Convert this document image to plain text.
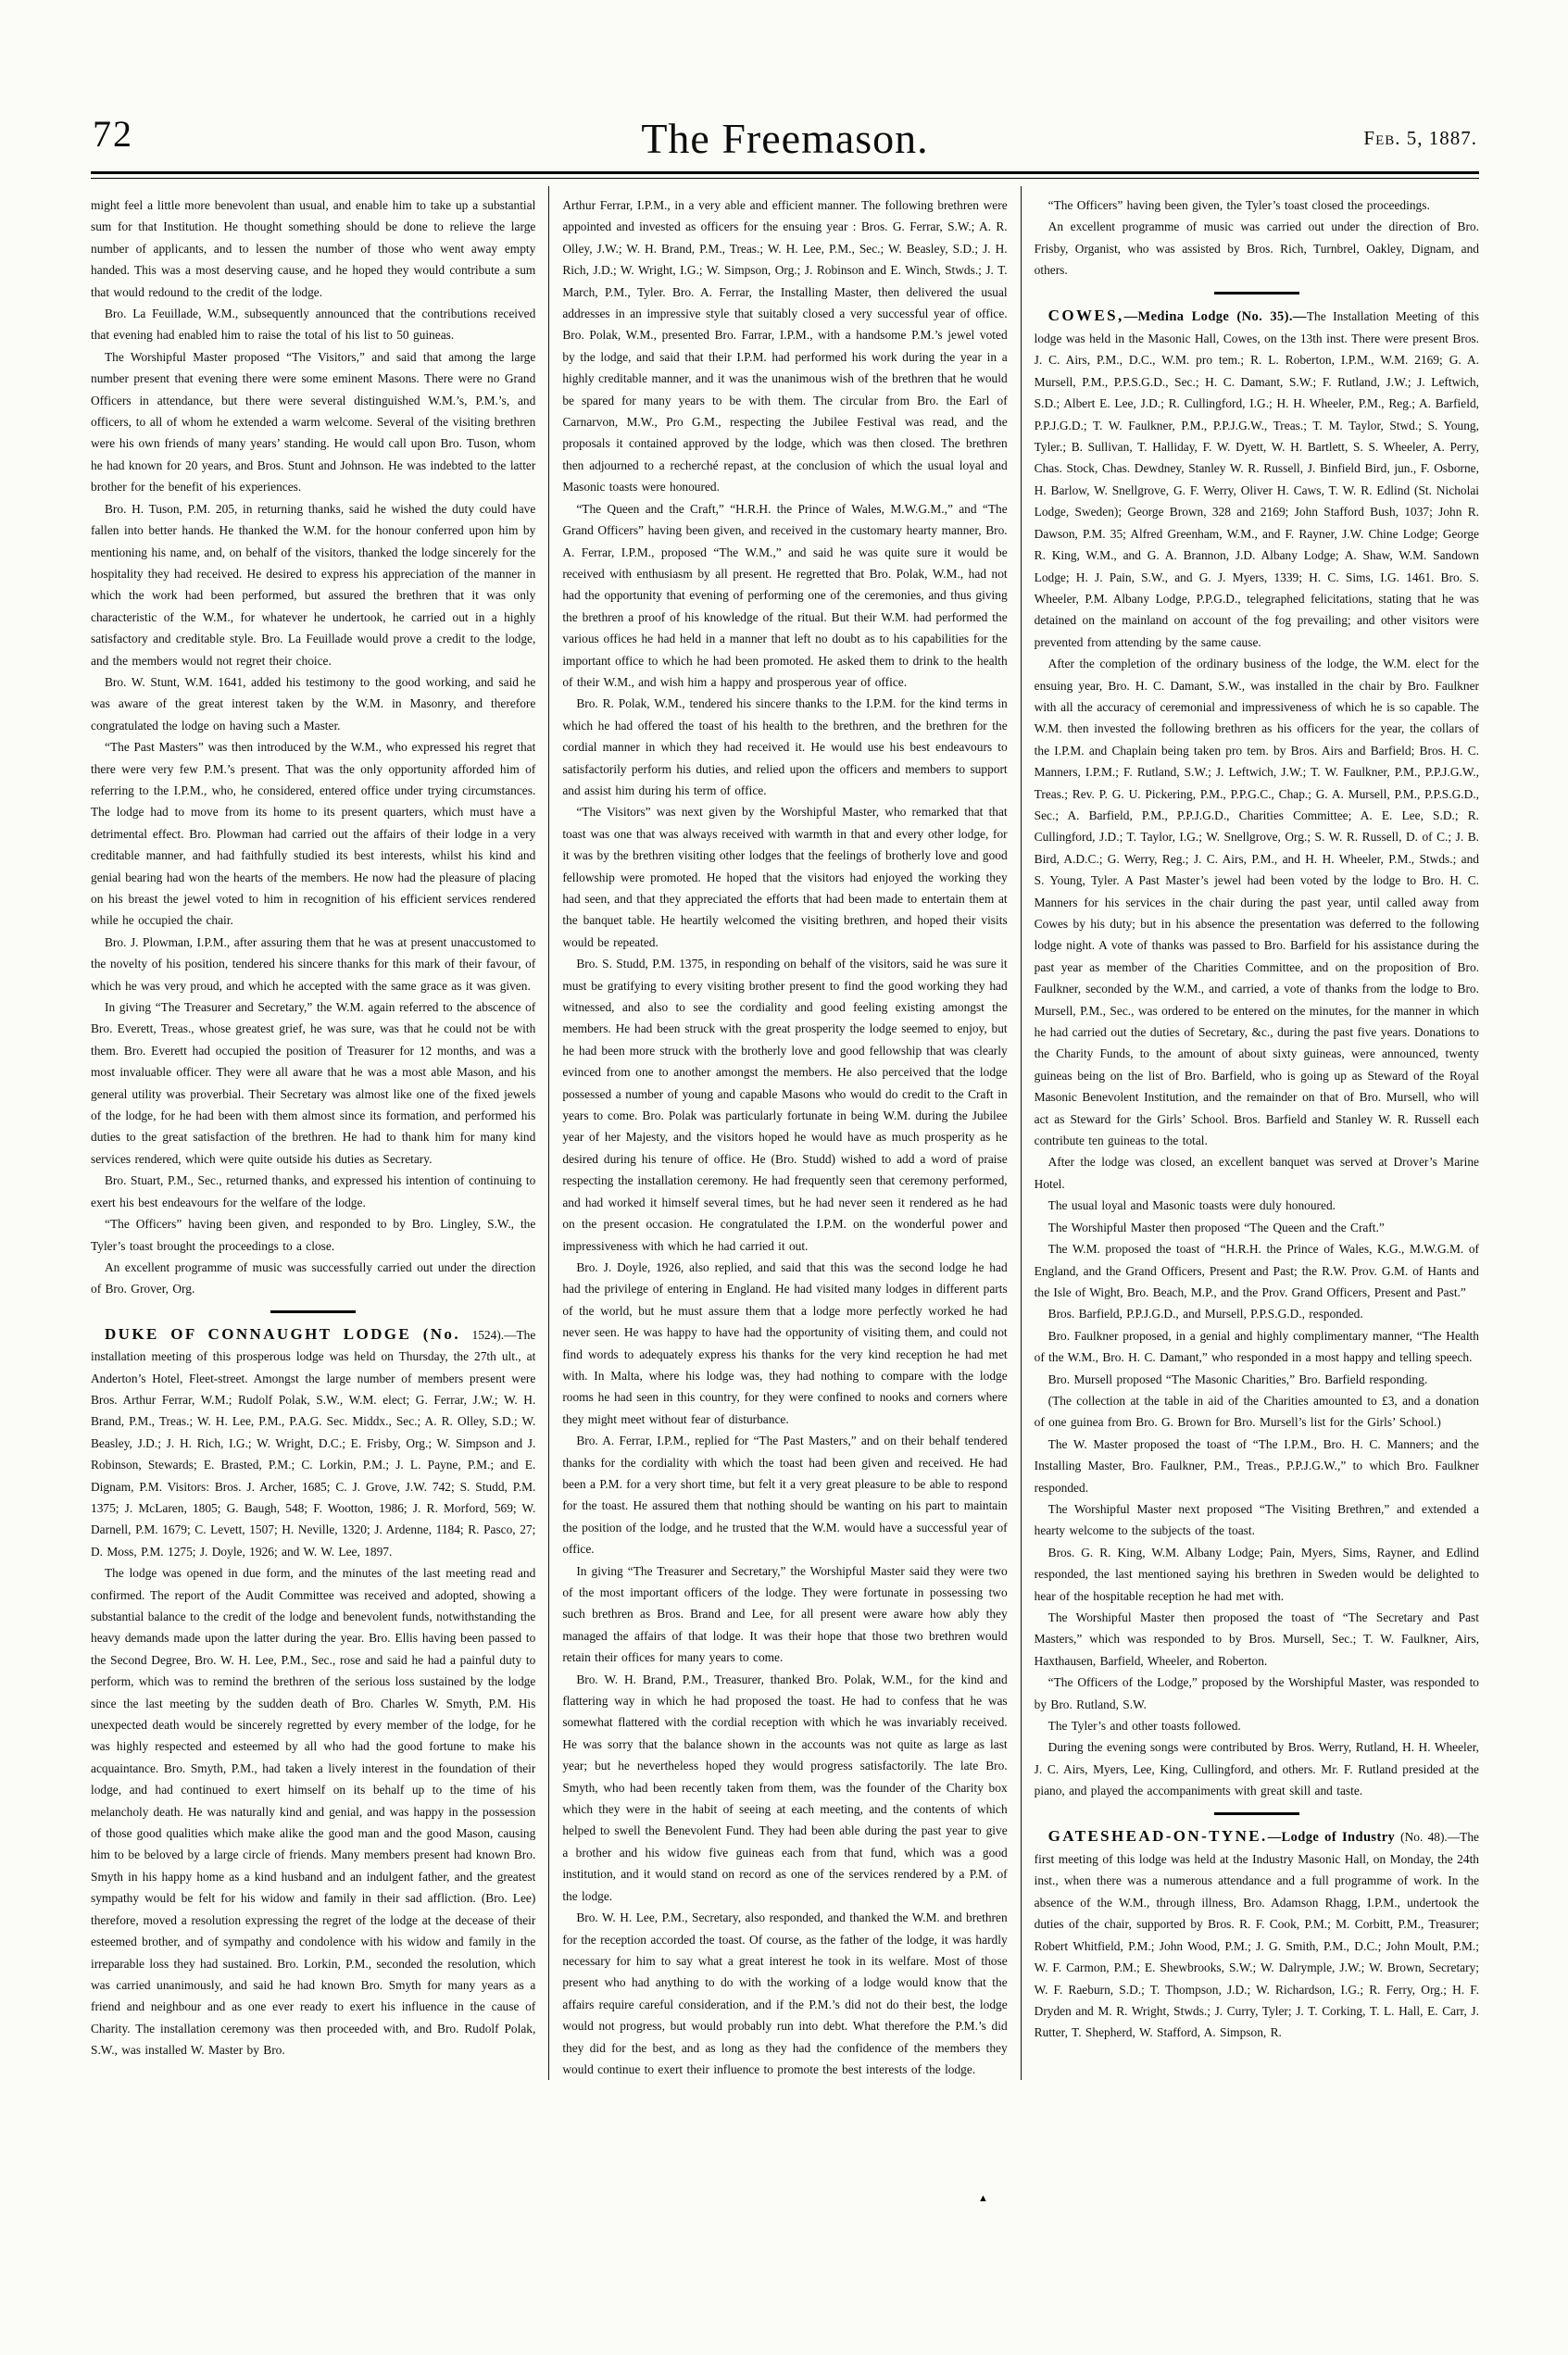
72	The Freemason.	Feb. 5, 1887.

might feel a little more benevolent than usual, and enable him to take up a substantial sum for that Institution. He thought something should be done to relieve the large number of applicants, and to lessen the number of those who went away empty handed. This was a most deserving cause, and he hoped they would contribute a sum that would redound to the credit of the lodge.

Bro. La Feuillade, W.M., subsequently announced that the contributions received that evening had enabled him to raise the total of his list to 50 guineas.

The Worshipful Master proposed “The Visitors,” and said that among the large number present that evening there were some eminent Masons. There were no Grand Officers in attendance, but there were several distinguished W.M.’s, P.M.’s, and officers, to all of whom he extended a warm welcome. Several of the visiting brethren were his own friends of many years’ standing. He would call upon Bro. Tuson, whom he had known for 20 years, and Bros. Stunt and Johnson. He was indebted to the latter brother for the benefit of his experiences.

Bro. H. Tuson, P.M. 205, in returning thanks, said he wished the duty could have fallen into better hands. He thanked the W.M. for the honour conferred upon him by mentioning his name, and, on behalf of the visitors, thanked the lodge sincerely for the hospitality they had received. He desired to express his appreciation of the manner in which the work had been performed, but assured the brethren that it was only characteristic of the W.M., for whatever he undertook, he carried out in a highly satisfactory and creditable style. Bro. La Feuillade would prove a credit to the lodge, and the members would not regret their choice.

Bro. W. Stunt, W.M. 1641, added his testimony to the good working, and said he was aware of the great interest taken by the W.M. in Masonry, and therefore congratulated the lodge on having such a Master.

“The Past Masters” was then introduced by the W.M., who expressed his regret that there were very few P.M.’s present. That was the only opportunity afforded him of referring to the I.P.M., who, he considered, entered office under trying circumstances. The lodge had to move from its home to its present quarters, which must have a detrimental effect. Bro. Plowman had carried out the affairs of their lodge in a very creditable manner, and had faithfully studied its best interests, whilst his kind and genial bearing had won the hearts of the members. He now had the pleasure of placing on his breast the jewel voted to him in recognition of his efficient services rendered while he occupied the chair.

Bro. J. Plowman, I.P.M., after assuring them that he was at present unaccustomed to the novelty of his position, tendered his sincere thanks for this mark of their favour, of which he was very proud, and which he accepted with the same grace as it was given.

In giving “The Treasurer and Secretary,” the W.M. again referred to the abscence of Bro. Everett, Treas., whose greatest grief, he was sure, was that he could not be with them. Bro. Everett had occupied the position of Treasurer for 12 months, and was a most invaluable officer. They were all aware that he was a most able Mason, and his general utility was proverbial. Their Secretary was almost like one of the fixed jewels of the lodge, for he had been with them almost since its formation, and performed his duties to the great satisfaction of the brethren. He had to thank him for many kind services rendered, which were quite outside his duties as Secretary.

Bro. Stuart, P.M., Sec., returned thanks, and expressed his intention of continuing to exert his best endeavours for the welfare of the lodge.

“The Officers” having been given, and responded to by Bro. Lingley, S.W., the Tyler’s toast brought the proceedings to a close.

An excellent programme of music was successfully carried out under the direction of Bro. Grover, Org.

DUKE OF CONNAUGHT LODGE (No. 1524).—The installation meeting of this prosperous lodge was held on Thursday, the 27th ult., at Anderton’s Hotel, Fleet-street. Amongst the large number of members present were Bros. Arthur Ferrar, W.M.; Rudolf Polak, S.W., W.M. elect; G. Ferrar, J.W.; W. H. Brand, P.M., Treas.; W. H. Lee, P.M., P.A.G. Sec. Middx., Sec.; A. R. Olley, S.D.; W. Beasley, J.D.; J. H. Rich, I.G.; W. Wright, D.C.; E. Frisby, Org.; W. Simpson and J. Robinson, Stewards; E. Brasted, P.M.; C. Lorkin, P.M.; J. L. Payne, P.M.; and E. Dignam, P.M. Visitors: Bros. J. Archer, 1685; C. J. Grove, J.W. 742; S. Studd, P.M. 1375; J. McLaren, 1805; G. Baugh, 548; F. Wootton, 1986; J. R. Morford, 569; W. Darnell, P.M. 1679; C. Levett, 1507; H. Neville, 1320; J. Ardenne, 1184; R. Pasco, 27; D. Moss, P.M. 1275; J. Doyle, 1926; and W. W. Lee, 1897.

The lodge was opened in due form, and the minutes of the last meeting read and confirmed. The report of the Audit Committee was received and adopted, showing a substantial balance to the credit of the lodge and benevolent funds, notwithstanding the heavy demands made upon the latter during the year. Bro. Ellis having been passed to the Second Degree, Bro. W. H. Lee, P.M., Sec., rose and said he had a painful duty to perform, which was to remind the brethren of the serious loss sustained by the lodge since the last meeting by the sudden death of Bro. Charles W. Smyth, P.M. His unexpected death would be sincerely regretted by every member of the lodge, for he was highly respected and esteemed by all who had the good fortune to make his acquaintance. Bro. Smyth, P.M., had taken a lively interest in the foundation of their lodge, and had continued to exert himself on its behalf up to the time of his melancholy death. He was naturally kind and genial, and was happy in the possession of those good qualities which make alike the good man and the good Mason, causing him to be beloved by a large circle of friends. Many members present had known Bro. Smyth in his happy home as a kind husband and an indulgent father, and the greatest sympathy would be felt for his widow and family in their sad affliction. (Bro. Lee) therefore, moved a resolution expressing the regret of the lodge at the decease of their esteemed brother, and of sympathy and condolence with his widow and family in the irreparable loss they had sustained. Bro. Lorkin, P.M., seconded the resolution, which was carried unanimously, and said he had known Bro. Smyth for many years as a friend and neighbour and as one ever ready to exert his influence in the cause of Charity. The installation ceremony was then proceeded with, and Bro. Rudolf Polak, S.W., was installed W. Master by Bro.

Arthur Ferrar, I.P.M., in a very able and efficient manner. The following brethren were appointed and invested as officers for the ensuing year : Bros. G. Ferrar, S.W.; A. R. Olley, J.W.; W. H. Brand, P.M., Treas.; W. H. Lee, P.M., Sec.; W. Beasley, S.D.; J. H. Rich, J.D.; W. Wright, I.G.; W. Simpson, Org.; J. Robinson and E. Winch, Stwds.; J. T. March, P.M., Tyler. Bro. A. Ferrar, the Installing Master, then delivered the usual addresses in an impressive style that suitably closed a very successful year of office. Bro. Polak, W.M., presented Bro. Farrar, I.P.M., with a handsome P.M.’s jewel voted by the lodge, and said that their I.P.M. had performed his work during the year in a highly creditable manner, and it was the unanimous wish of the brethren that he would be spared for many years to be with them. The circular from Bro. the Earl of Carnarvon, M.W., Pro G.M., respecting the Jubilee Festival was read, and the proposals it contained approved by the lodge, which was then closed. The brethren then adjourned to a recherché repast, at the conclusion of which the usual loyal and Masonic toasts were honoured.

“The Queen and the Craft,” “H.R.H. the Prince of Wales, M.W.G.M.,” and “The Grand Officers” having been given, and received in the customary hearty manner, Bro. A. Ferrar, I.P.M., proposed “The W.M.,” and said he was quite sure it would be received with enthusiasm by all present. He regretted that Bro. Polak, W.M., had not had the opportunity that evening of performing one of the ceremonies, and thus giving the brethren a proof of his knowledge of the ritual. But their W.M. had performed the various offices he had held in a manner that left no doubt as to his capabilities for the important office to which he had been promoted. He asked them to drink to the health of their W.M., and wish him a happy and prosperous year of office.

Bro. R. Polak, W.M., tendered his sincere thanks to the I.P.M. for the kind terms in which he had offered the toast of his health to the brethren, and the brethren for the cordial manner in which they had received it. He would use his best endeavours to satisfactorily perform his duties, and relied upon the officers and members to support and assist him during his term of office.

“The Visitors” was next given by the Worshipful Master, who remarked that that toast was one that was always received with warmth in that and every other lodge, for it was by the brethren visiting other lodges that the feelings of brotherly love and good fellowship were promoted. He hoped that the visitors had enjoyed the working they had seen, and that they appreciated the efforts that had been made to entertain them at the banquet table. He heartily welcomed the visiting brethren, and hoped their visits would be repeated.

Bro. S. Studd, P.M. 1375, in responding on behalf of the visitors, said he was sure it must be gratifying to every visiting brother present to find the good working they had witnessed, and also to see the cordiality and good feeling existing amongst the members. He had been struck with the great prosperity the lodge seemed to enjoy, but he had been more struck with the brotherly love and good fellowship that was clearly evinced from one to another amongst the members. He also perceived that the lodge possessed a number of young and capable Masons who would do credit to the Craft in years to come. Bro. Polak was particularly fortunate in being W.M. during the Jubilee year of her Majesty, and the visitors hoped he would have as much prosperity as he desired during his tenure of office. He (Bro. Studd) wished to add a word of praise respecting the installation ceremony. He had frequently seen that ceremony performed, and had worked it himself several times, but he had never seen it rendered as he had on the present occasion. He congratulated the I.P.M. on the wonderful power and impressiveness with which he had carried it out.

Bro. J. Doyle, 1926, also replied, and said that this was the second lodge he had had the privilege of entering in England. He had visited many lodges in different parts of the world, but he must assure them that a lodge more perfectly worked he had never seen. He was happy to have had the opportunity of visiting them, and could not find words to adequately express his thanks for the very kind reception he had met with. In Malta, where his lodge was, they had nothing to compare with the lodge rooms he had seen in this country, for they were confined to nooks and corners where they might meet without fear of disturbance.

Bro. A. Ferrar, I.P.M., replied for “The Past Masters,” and on their behalf tendered thanks for the cordiality with which the toast had been given and received. He had been a P.M. for a very short time, but felt it a very great pleasure to be able to respond for the toast. He assured them that nothing should be wanting on his part to maintain the position of the lodge, and he trusted that the W.M. would have a successful year of office.

In giving “The Treasurer and Secretary,” the Worshipful Master said they were two of the most important officers of the lodge. They were fortunate in possessing two such brethren as Bros. Brand and Lee, for all present were aware how ably they managed the affairs of that lodge. It was their hope that those two brethren would retain their offices for many years to come.

Bro. W. H. Brand, P.M., Treasurer, thanked Bro. Polak, W.M., for the kind and flattering way in which he had proposed the toast. He had to confess that he was somewhat flattered with the cordial reception with which he was invariably received. He was sorry that the balance shown in the accounts was not quite as large as last year; but he nevertheless hoped they would progress satisfactorily. The late Bro. Smyth, who had been recently taken from them, was the founder of the Charity box which they were in the habit of seeing at each meeting, and the contents of which helped to swell the Benevolent Fund. They had been able during the past year to give a brother and his widow five guineas each from that fund, which was a good institution, and it would stand on record as one of the services rendered by a P.M. of the lodge.

Bro. W. H. Lee, P.M., Secretary, also responded, and thanked the W.M. and brethren for the reception accorded the toast. Of course, as the father of the lodge, it was hardly necessary for him to say what a great interest he took in its welfare. Most of those present who had anything to do with the working of a lodge would know that the affairs require careful consideration, and if the P.M.’s did not do their best, the lodge would not progress, but would probably run into debt. What therefore the P.M.’s did they did for the best, and as long as they had the confidence of the members they would continue to exert their influence to promote the best interests of the lodge.

“The Officers” having been given, the Tyler’s toast closed the proceedings.

An excellent programme of music was carried out under the direction of Bro. Frisby, Organist, who was assisted by Bros. Rich, Turnbrel, Oakley, Dignam, and others.

COWES,—Medina Lodge (No. 35).—The Installation Meeting of this lodge was held in the Masonic Hall, Cowes, on the 13th inst. There were present Bros. J. C. Airs, P.M., D.C., W.M. pro tem.; R. L. Roberton, I.P.M., W.M. 2169; G. A. Mursell, P.M., P.P.S.G.D., Sec.; H. C. Damant, S.W.; F. Rutland, J.W.; J. Leftwich, S.D.; Albert E. Lee, J.D.; R. Cullingford, I.G.; H. H. Wheeler, P.M., Reg.; A. Barfield, P.P.J.G.D.; T. W. Faulkner, P.M., P.P.J.G.W., Treas.; T. M. Taylor, Stwd.; S. Young, Tyler.; B. Sullivan, T. Halliday, F. W. Dyett, W. H. Bartlett, S. S. Wheeler, A. Perry, Chas. Stock, Chas. Dewdney, Stanley W. R. Russell, J. Binfield Bird, jun., F. Osborne, H. Barlow, W. Snellgrove, G. F. Werry, Oliver H. Caws, T. W. R. Edlind (St. Nicholai Lodge, Sweden); George Brown, 328 and 2169; John Stafford Bush, 1037; John R. Dawson, P.M. 35; Alfred Greenham, W.M., and F. Rayner, J.W. Chine Lodge; George R. King, W.M., and G. A. Brannon, J.D. Albany Lodge; A. Shaw, W.M. Sandown Lodge; H. J. Pain, S.W., and G. J. Myers, 1339; H. C. Sims, I.G. 1461. Bro. S. Wheeler, P.M. Albany Lodge, P.P.G.D., telegraphed felicitations, stating that he was detained on the mainland on account of the fog prevailing; and other visitors were prevented from attending by the same cause.

After the completion of the ordinary business of the lodge, the W.M. elect for the ensuing year, Bro. H. C. Damant, S.W., was installed in the chair by Bro. Faulkner with all the accuracy of ceremonial and impressiveness of which he is so capable. The W.M. then invested the following brethren as his officers for the year, the collars of the I.P.M. and Chaplain being taken pro tem. by Bros. Airs and Barfield; Bros. H. C. Manners, I.P.M.; F. Rutland, S.W.; J. Leftwich, J.W.; T. W. Faulkner, P.M., P.P.J.G.W., Treas.; Rev. P. G. U. Pickering, P.M., P.P.G.C., Chap.; G. A. Mursell, P.M., P.P.S.G.D., Sec.; A. Barfield, P.M., P.P.J.G.D., Charities Committee; A. E. Lee, S.D.; R. Cullingford, J.D.; T. Taylor, I.G.; W. Snellgrove, Org.; S. W. R. Russell, D. of C.; J. B. Bird, A.D.C.; G. Werry, Reg.; J. C. Airs, P.M., and H. H. Wheeler, P.M., Stwds.; and S. Young, Tyler. A Past Master’s jewel had been voted by the lodge to Bro. H. C. Manners for his services in the chair during the past year, until called away from Cowes by his duty; but in his absence the presentation was deferred to the following lodge night. A vote of thanks was passed to Bro. Barfield for his assistance during the past year as member of the Charities Committee, and on the proposition of Bro. Faulkner, seconded by the W.M., and carried, a vote of thanks from the lodge to Bro. Mursell, P.M., Sec., was ordered to be entered on the minutes, for the manner in which he had carried out the duties of Secretary, &c., during the past five years. Donations to the Charity Funds, to the amount of about sixty guineas, were announced, twenty guineas being on the list of Bro. Barfield, who is going up as Steward of the Royal Masonic Benevolent Institution, and the remainder on that of Bro. Mursell, who will act as Steward for the Girls’ School. Bros. Barfield and Stanley W. R. Russell each contribute ten guineas to the total.

After the lodge was closed, an excellent banquet was served at Drover’s Marine Hotel.

The usual loyal and Masonic toasts were duly honoured.

The Worshipful Master then proposed “The Queen and the Craft.”

The W.M. proposed the toast of “H.R.H. the Prince of Wales, K.G., M.W.G.M. of England, and the Grand Officers, Present and Past; the R.W. Prov. G.M. of Hants and the Isle of Wight, Bro. Beach, M.P., and the Prov. Grand Officers, Present and Past.”

Bros. Barfield, P.P.J.G.D., and Mursell, P.P.S.G.D., responded.

Bro. Faulkner proposed, in a genial and highly complimentary manner, “The Health of the W.M., Bro. H. C. Damant,” who responded in a most happy and telling speech.

Bro. Mursell proposed “The Masonic Charities,” Bro. Barfield responding.

(The collection at the table in aid of the Charities amounted to £3, and a donation of one guinea from Bro. G. Brown for Bro. Mursell’s list for the Girls’ School.)

The W. Master proposed the toast of “The I.P.M., Bro. H. C. Manners; and the Installing Master, Bro. Faulkner, P.M., Treas., P.P.J.G.W.,” to which Bro. Faulkner responded.

The Worshipful Master next proposed “The Visiting Brethren,” and extended a hearty welcome to the subjects of the toast.

Bros. G. R. King, W.M. Albany Lodge; Pain, Myers, Sims, Rayner, and Edlind responded, the last mentioned saying his brethren in Sweden would be delighted to hear of the hospitable reception he had met with.

The Worshipful Master then proposed the toast of “The Secretary and Past Masters,” which was responded to by Bros. Mursell, Sec.; T. W. Faulkner, Airs, Haxthausen, Barfield, Wheeler, and Roberton.

“The Officers of the Lodge,” proposed by the Worshipful Master, was responded to by Bro. Rutland, S.W.

The Tyler’s and other toasts followed.

During the evening songs were contributed by Bros. Werry, Rutland, H. H. Wheeler, J. C. Airs, Myers, Lee, King, Cullingford, and others. Mr. F. Rutland presided at the piano, and played the accompaniments with great skill and taste.

GATESHEAD-ON-TYNE.—Lodge of Industry (No. 48).—The first meeting of this lodge was held at the Industry Masonic Hall, on Monday, the 24th inst., when there was a numerous attendance and a full programme of work. In the absence of the W.M., through illness, Bro. Adamson Rhagg, I.P.M., undertook the duties of the chair, supported by Bros. R. F. Cook, P.M.; M. Corbitt, P.M., Treasurer; Robert Whitfield, P.M.; John Wood, P.M.; J. G. Smith, P.M., D.C.; John Moult, P.M.; W. F. Carmon, P.M.; E. Shewbrooks, S.W.; W. Dalrymple, J.W.; W. Brown, Secretary; W. F. Raeburn, S.D.; T. Thompson, J.D.; W. Richardson, I.G.; R. Ferry, Org.; H. F. Dryden and M. R. Wright, Stwds.; J. Curry, Tyler; J. T. Corking, T. L. Hall, E. Carr, J. Rutter, T. Shepherd, W. Stafford, A. Simpson, R.

▲
